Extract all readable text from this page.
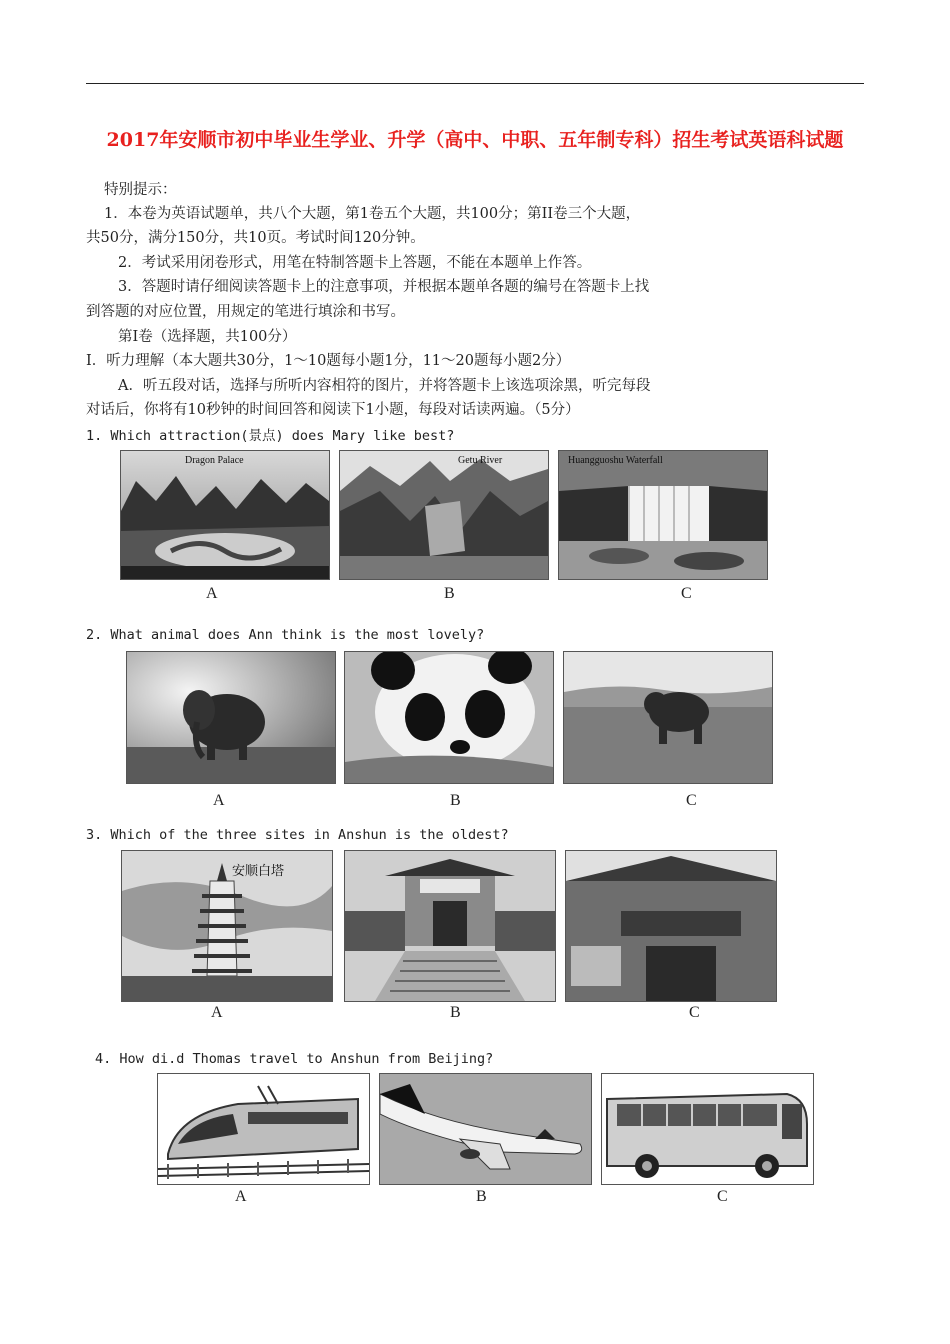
2017年安顺市初中毕业生学业、升学（高中、中职、五年制专科）招生考试英语科试题
特别提示：
1．本卷为英语试题单，共八个大题，第1卷五个大题，共100分；第II卷三个大题，
共50分，满分150分，共10页。考试时间120分钟。
2．考试采用闭卷形式，用笔在特制答题卡上答题，不能在本题单上作答。
3．答题时请仔细阅读答题卡上的注意事项，并根据本题单各题的编号在答题卡上找
到答题的对应位置，用规定的笔进行填涂和书写。
第Ⅰ卷（选择题，共100分）
I．听力理解（本大题共30分，1～10题每小题1分，11～20题每小题2分）
A．听五段对话，选择与所听内容相符的图片，并将答题卡上该选项涂黑，听完每段
对话后，你将有10秒钟的时间回答和阅读下1小题，每段对话读两遍。（5分）
1. Which attraction(景点) does Mary like best?
Dragon Palace	Getu River	Huangguoshu Waterfall
A	B	C
2. What animal does Ann think is the most lovely?
A	B	C
3. Which of the three sites in Anshun is the oldest?
安顺白塔
A	B	C
4. How di.d Thomas travel to Anshun from Beijing?
A	B	C
